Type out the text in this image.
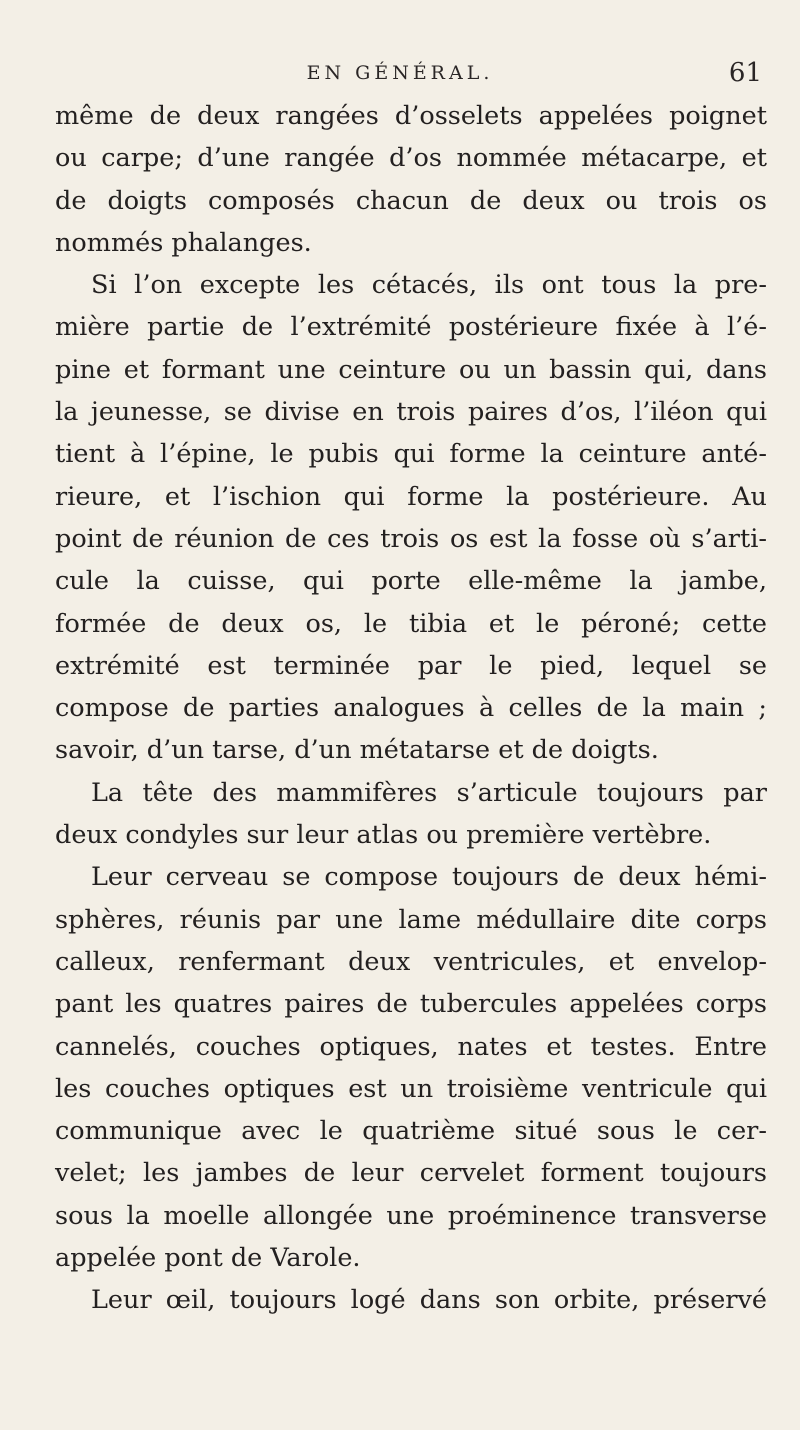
EN GÉNÉRAL.	61
même de deux rangées d’osselets appelées poignet
ou carpe; d’une rangée d’os nommée métacarpe, et
de doigts composés chacun de deux ou trois os
nommés phalanges.
Si l’on excepte les cétacés, ils ont tous la pre-
mière partie de l’extrémité postérieure fixée à l’é-
pine et formant une ceinture ou un bassin qui, dans
la jeunesse, se divise en trois paires d’os, l’iléon qui
tient à l’épine, le pubis qui forme la ceinture anté-
rieure, et l’ischion qui forme la postérieure. Au
point de réunion de ces trois os est la fosse où s’arti-
cule la cuisse, qui porte elle-même la jambe,
formée de deux os, le tibia et le péroné; cette
extrémité est terminée par le pied, lequel se
compose de parties analogues à celles de la main ;
savoir, d’un tarse, d’un métatarse et de doigts.
La tête des mammifères s’articule toujours par
deux condyles sur leur atlas ou première vertèbre.
Leur cerveau se compose toujours de deux hémi-
sphères, réunis par une lame médullaire dite corps
calleux, renfermant deux ventricules, et envelop-
pant les quatres paires de tubercules appelées corps
cannelés, couches optiques, nates et testes. Entre
les couches optiques est un troisième ventricule qui
communique avec le quatrième situé sous le cer-
velet; les jambes de leur cervelet forment toujours
sous la moelle allongée une proéminence transverse
appelée pont de Varole.
Leur œil, toujours logé dans son orbite, préservé
